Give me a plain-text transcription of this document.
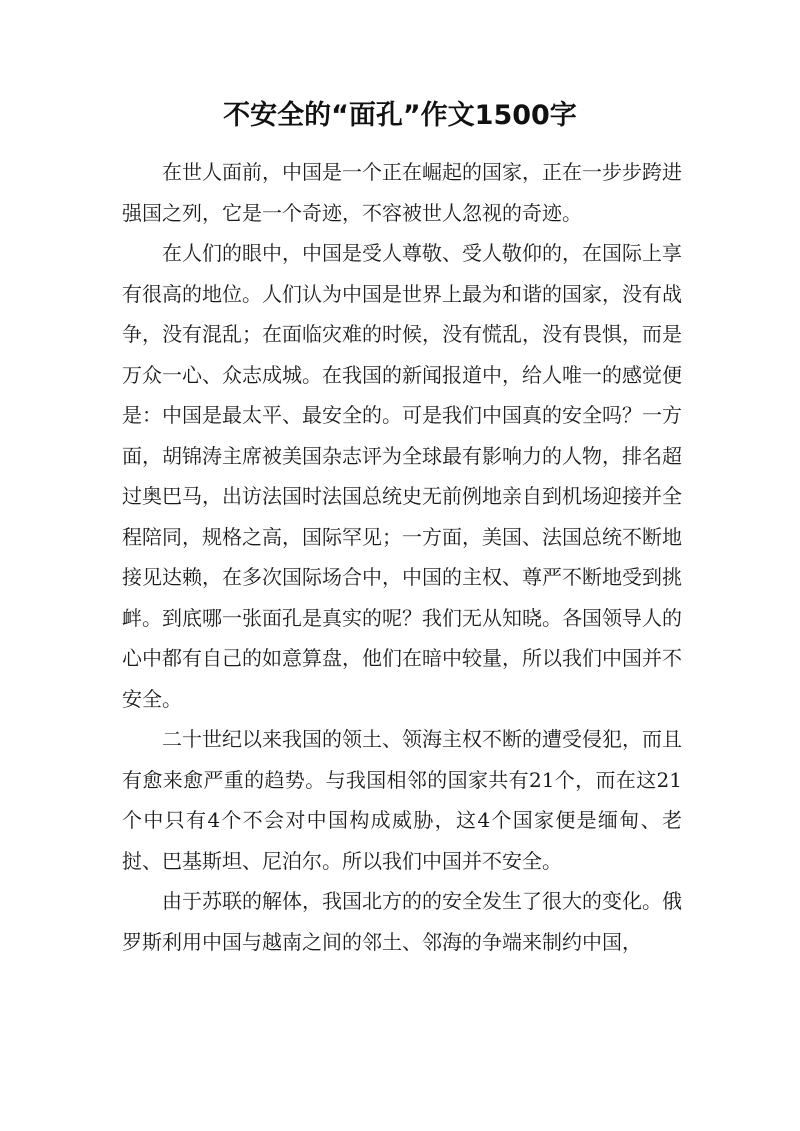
不安全的“面孔”作文1500字

在世人面前，中国是一个正在崛起的国家，正在一步步跨进强国之列，它是一个奇迹，不容被世人忽视的奇迹。

在人们的眼中，中国是受人尊敬、受人敬仰的，在国际上享有很高的地位。人们认为中国是世界上最为和谐的国家，没有战争，没有混乱；在面临灾难的时候，没有慌乱，没有畏惧，而是万众一心、众志成城。在我国的新闻报道中，给人唯一的感觉便是：中国是最太平、最安全的。可是我们中国真的安全吗？一方面，胡锦涛主席被美国杂志评为全球最有影响力的人物，排名超过奥巴马，出访法国时法国总统史无前例地亲自到机场迎接并全程陪同，规格之高，国际罕见；一方面，美国、法国总统不断地接见达赖，在多次国际场合中，中国的主权、尊严不断地受到挑衅。到底哪一张面孔是真实的呢？我们无从知晓。各国领导人的心中都有自己的如意算盘，他们在暗中较量，所以我们中国并不安全。

二十世纪以来我国的领土、领海主权不断的遭受侵犯，而且有愈来愈严重的趋势。与我国相邻的国家共有21个，而在这21个中只有4个不会对中国构成威胁，这4个国家便是缅甸、老挝、巴基斯坦、尼泊尔。所以我们中国并不安全。

由于苏联的解体，我国北方的的安全发生了很大的变化。俄罗斯利用中国与越南之间的邻土、邻海的争端来制约中国，
